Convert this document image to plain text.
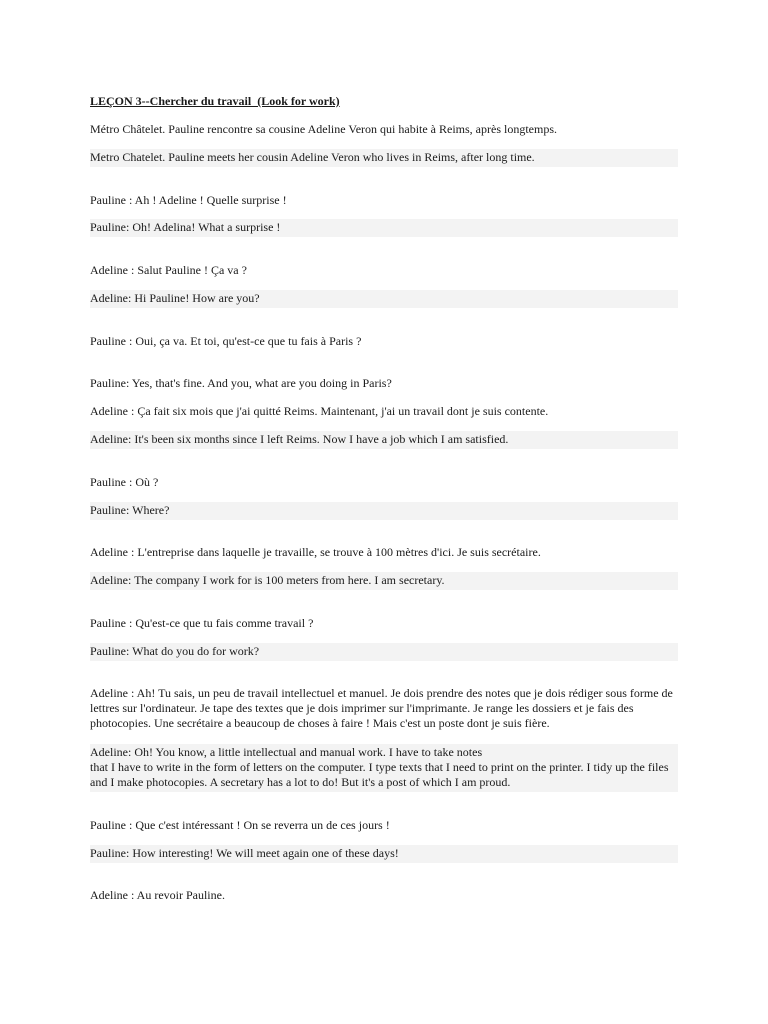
LEÇON 3--Chercher du travail  (Look for work)
Métro Châtelet. Pauline rencontre sa cousine Adeline Veron qui habite à Reims, après longtemps.
Metro Chatelet. Pauline meets her cousin Adeline Veron who lives in Reims, after long time.
Pauline : Ah ! Adeline ! Quelle surprise !
Pauline: Oh! Adelina! What a surprise !
Adeline : Salut Pauline ! Ça va ?
Adeline: Hi Pauline! How are you?
Pauline : Oui, ça va. Et toi, qu'est-ce que tu fais à Paris ?
Pauline: Yes, that's fine. And you, what are you doing in Paris?
Adeline : Ça fait six mois que j'ai quitté Reims. Maintenant, j'ai un travail dont je suis contente.
Adeline: It's been six months since I left Reims. Now I have a job which I am satisfied.
Pauline : Où ?
Pauline: Where?
Adeline : L'entreprise dans laquelle je travaille, se trouve à 100 mètres d'ici. Je suis secrétaire.
Adeline: The company I work for is 100 meters from here. I am secretary.
Pauline : Qu'est-ce que tu fais comme travail ?
Pauline: What do you do for work?
Adeline : Ah! Tu sais, un peu de travail intellectuel et manuel. Je dois prendre des notes que je dois rédiger sous forme de lettres sur l'ordinateur. Je tape des textes que je dois imprimer sur l'imprimante. Je range les dossiers et je fais des photocopies. Une secrétaire a beaucoup de choses à faire ! Mais c'est un poste dont je suis fière.
Adeline: Oh! You know, a little intellectual and manual work. I have to take notes
that I have to write in the form of letters on the computer. I type texts that I need to print on the printer. I tidy up the files and I make photocopies. A secretary has a lot to do! But it's a post of which I am proud.
Pauline : Que c'est intéressant ! On se reverra un de ces jours !
Pauline: How interesting! We will meet again one of these days!
Adeline : Au revoir Pauline.
